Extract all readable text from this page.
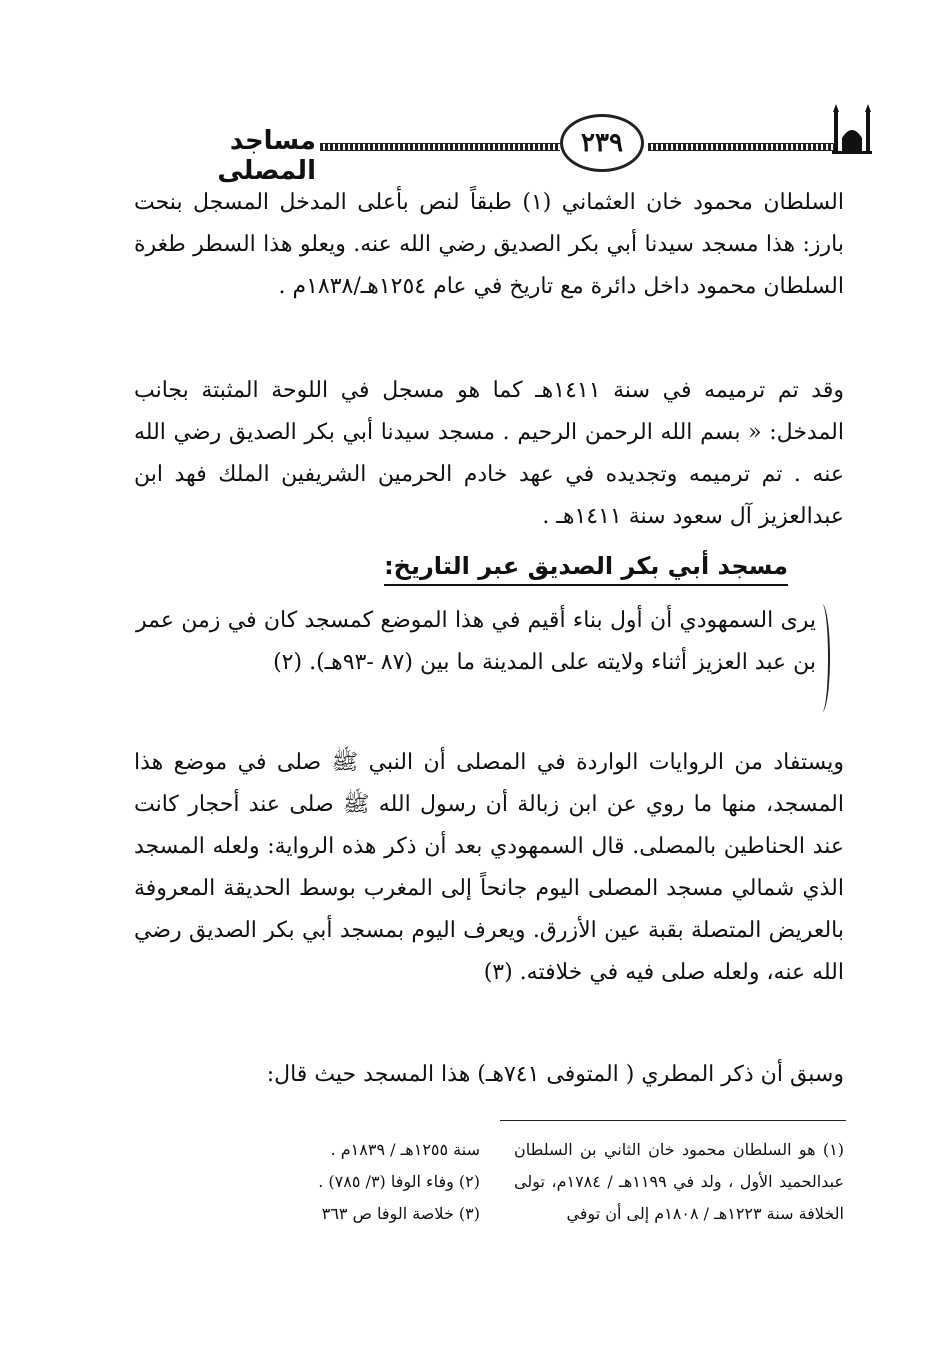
مساجد المصلى
٢٣٩
السلطان محمود خان العثماني (١) طبقاً لنص بأعلى المدخل المسجل بنحت بارز: هذا مسجد سيدنا أبي بكر الصديق رضي الله عنه. ويعلو هذا السطر طغرة السلطان محمود داخل دائرة مع تاريخ في عام ١٢٥٤هـ/١٨٣٨م .
وقد تم ترميمه في سنة ١٤١١هـ كما هو مسجل في اللوحة المثبتة بجانب المدخل: « بسم الله الرحمن الرحيم . مسجد سيدنا أبي بكر الصديق رضي الله عنه . تم ترميمه وتجديده في عهد خادم الحرمين الشريفين الملك فهد ابن عبدالعزيز آل سعود سنة ١٤١١هـ .
مسجد أبي بكر الصديق عبر التاريخ:
يرى السمهودي أن أول بناء أقيم في هذا الموضع كمسجد كان في زمن عمر بن عبد العزيز أثناء ولايته على المدينة ما بين (٨٧ -٩٣هـ). (٢)
ويستفاد من الروايات الواردة في المصلى أن النبي ﷺ صلى في موضع هذا المسجد، منها ما روي عن ابن زبالة أن رسول الله ﷺ صلى عند أحجار كانت عند الحناطين بالمصلى. قال السمهودي بعد أن ذكر هذه الرواية: ولعله المسجد الذي شمالي مسجد المصلى اليوم جانحاً إلى المغرب بوسط الحديقة المعروفة بالعريض المتصلة بقبة عين الأزرق. ويعرف اليوم بمسجد أبي بكر الصديق رضي الله عنه، ولعله صلى فيه في خلافته. (٣)
وسبق أن ذكر المطري ( المتوفى ٧٤١هـ) هذا المسجد حيث قال:
(١) هو السلطان محمود خان الثاني بن السلطان عبدالحميد الأول ، ولد في ١١٩٩هـ / ١٧٨٤م، تولى الخلافة سنة ١٢٢٣هـ / ١٨٠٨م إلى أن توفي
سنة ١٢٥٥هـ / ١٨٣٩م .
(٢) وفاء الوفا (٣/ ٧٨٥) .
(٣) خلاصة الوفا ص ٣٦٣
